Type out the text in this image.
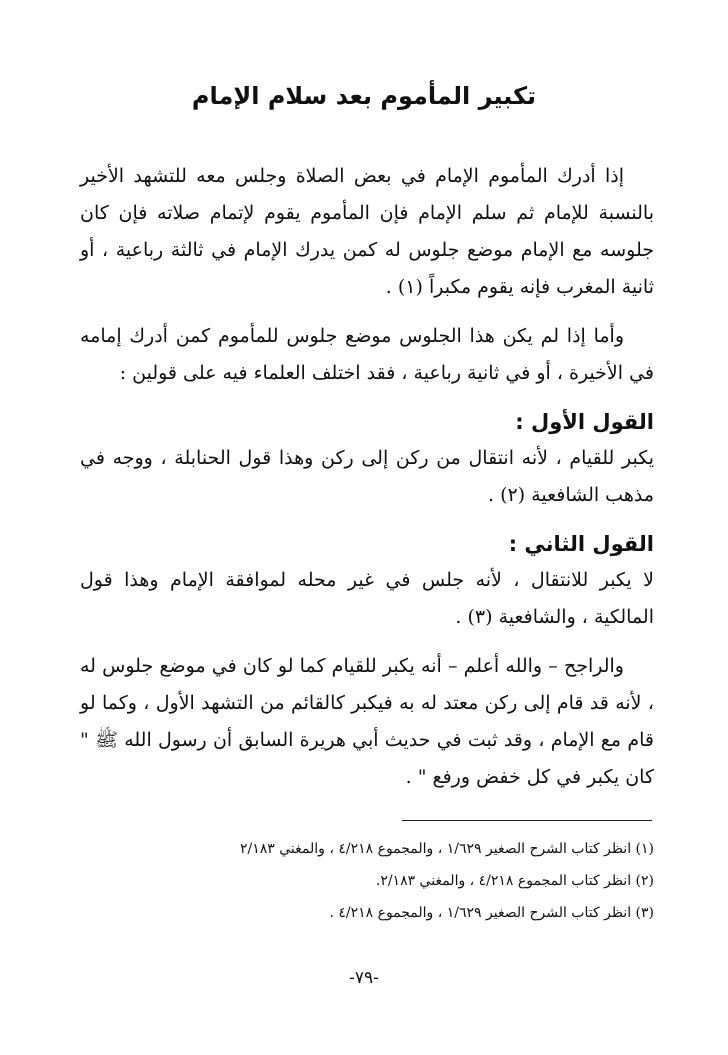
تكبير المأموم بعد سلام الإمام

إذا أدرك المأموم الإمام في بعض الصلاة وجلس معه للتشهد الأخير بالنسبة للإمام ثم سلم الإمام فإن المأموم يقوم لإتمام صلاته فإن كان جلوسه مع الإمام موضع جلوس له كمن يدرك الإمام في ثالثة رباعية ، أو ثانية المغرب فإنه يقوم مكبراً (١) .

وأما إذا لم يكن هذا الجلوس موضع جلوس للمأموم كمن أدرك إمامه في الأخيرة ، أو في ثانية رباعية ، فقد اختلف العلماء فيه على قولين :

القول الأول :

يكبر للقيام ، لأنه انتقال من ركن إلى ركن وهذا قول الحنابلة ، ووجه في مذهب الشافعية (٢) .

القول الثاني :

لا يكبر للانتقال ، لأنه جلس في غير محله لموافقة الإمام وهذا قول المالكية ، والشافعية (٣) .

والراجح – والله أعلم – أنه يكبر للقيام كما لو كان في موضع جلوس له ، لأنه قد قام إلى ركن معتد له به فيكبر كالقائم من التشهد الأول ، وكما لو قام مع الإمام ، وقد ثبت في حديث أبي هريرة السابق أن رسول الله ﷺ " كان يكبر في كل خفض ورفع " .

(١) انظر كتاب الشرح الصغير ١/٦٢٩ ، والمجموع ٤/٢١٨ ، والمغني ٢/١٨٣
(٢) انظر كتاب المجموع ٤/٢١٨ ، والمغني ٢/١٨٣.
(٣) انظر كتاب الشرح الصغير ١/٦٢٩ ، والمجموع ٤/٢١٨ .
-٧٩-
